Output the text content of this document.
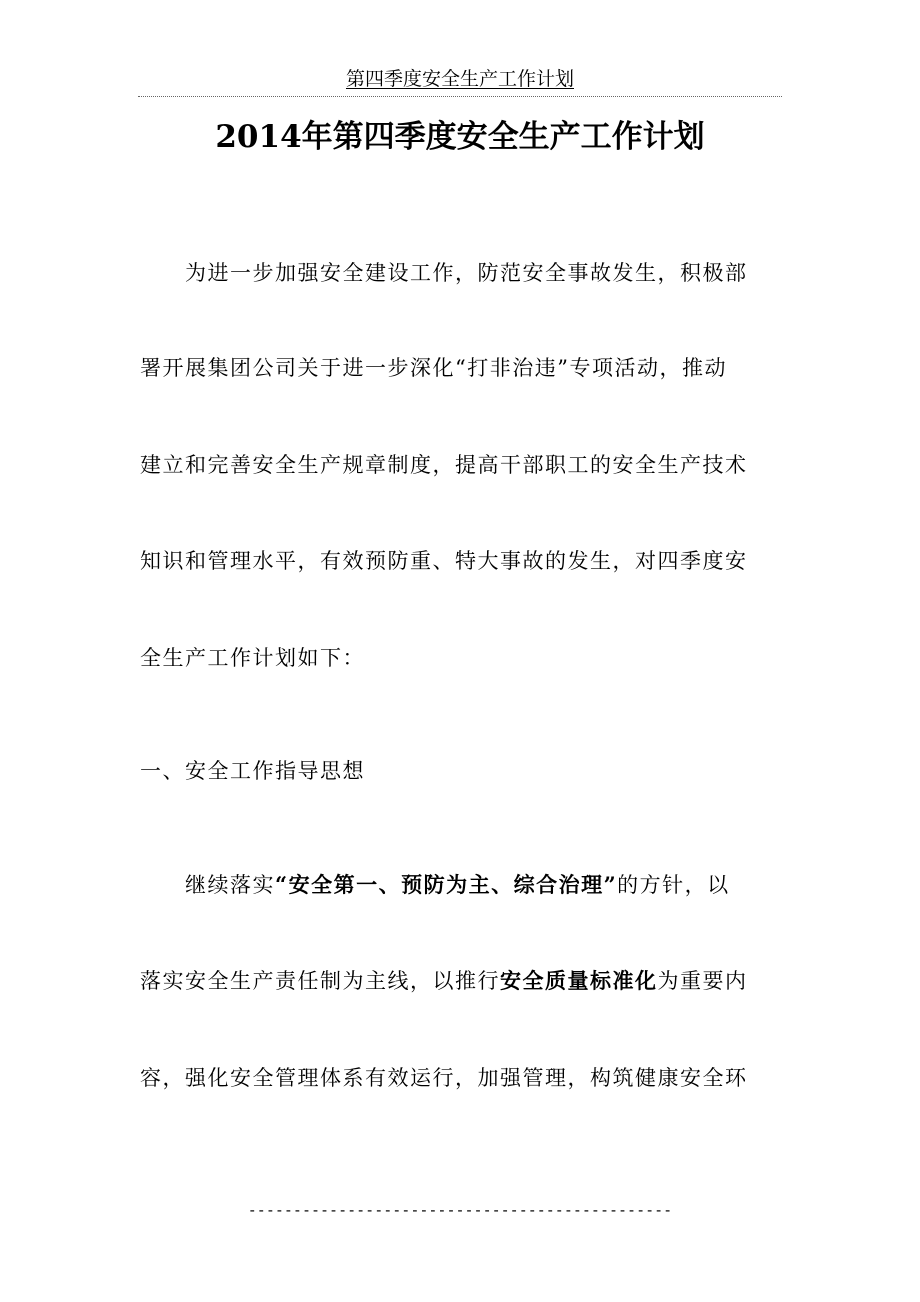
第四季度安全生产工作计划
2014年第四季度安全生产工作计划
为进一步加强安全建设工作，防范安全事故发生，积极部
署开展集团公司关于进一步深化“打非治违”专项活动，推动
建立和完善安全生产规章制度，提高干部职工的安全生产技术
知识和管理水平，有效预防重、特大事故的发生，对四季度安
全生产工作计划如下：
一、安全工作指导思想
继续落实“安全第一、预防为主、综合治理”的方针，以
落实安全生产责任制为主线，以推行安全质量标准化为重要内
容，强化安全管理体系有效运行，加强管理，构筑健康安全环
-----------------------------------------------
